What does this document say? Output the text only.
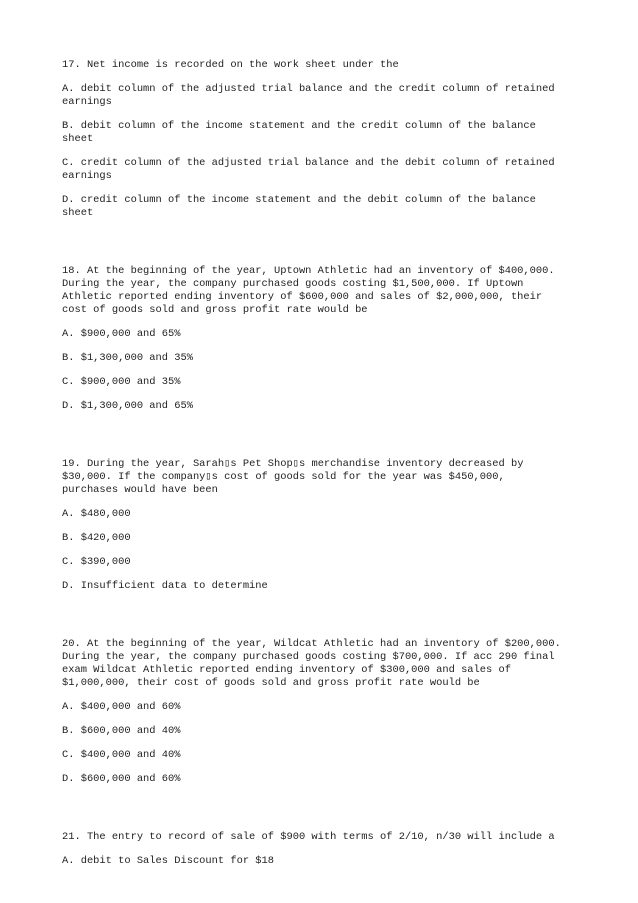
17. Net income is recorded on the work sheet under the
A. debit column of the adjusted trial balance and the credit column of retained
earnings
B. debit column of the income statement and the credit column of the balance
sheet
C. credit column of the adjusted trial balance and the debit column of retained
earnings
D. credit column of the income statement and the debit column of the balance
sheet
18. At the beginning of the year, Uptown Athletic had an inventory of $400,000.
During the year, the company purchased goods costing $1,500,000. If Uptown
Athletic reported ending inventory of $600,000 and sales of $2,000,000, their
cost of goods sold and gross profit rate would be
A. $900,000 and 65%
B. $1,300,000 and 35%
C. $900,000 and 35%
D. $1,300,000 and 65%
19. During the year, Sarah▯s Pet Shop▯s merchandise inventory decreased by
$30,000. If the company▯s cost of goods sold for the year was $450,000,
purchases would have been
A. $480,000
B. $420,000
C. $390,000
D. Insufficient data to determine
20. At the beginning of the year, Wildcat Athletic had an inventory of $200,000.
During the year, the company purchased goods costing $700,000. If acc 290 final
exam Wildcat Athletic reported ending inventory of $300,000 and sales of
$1,000,000, their cost of goods sold and gross profit rate would be
A. $400,000 and 60%
B. $600,000 and 40%
C. $400,000 and 40%
D. $600,000 and 60%
21. The entry to record of sale of $900 with terms of 2/10, n/30 will include a
A. debit to Sales Discount for $18
